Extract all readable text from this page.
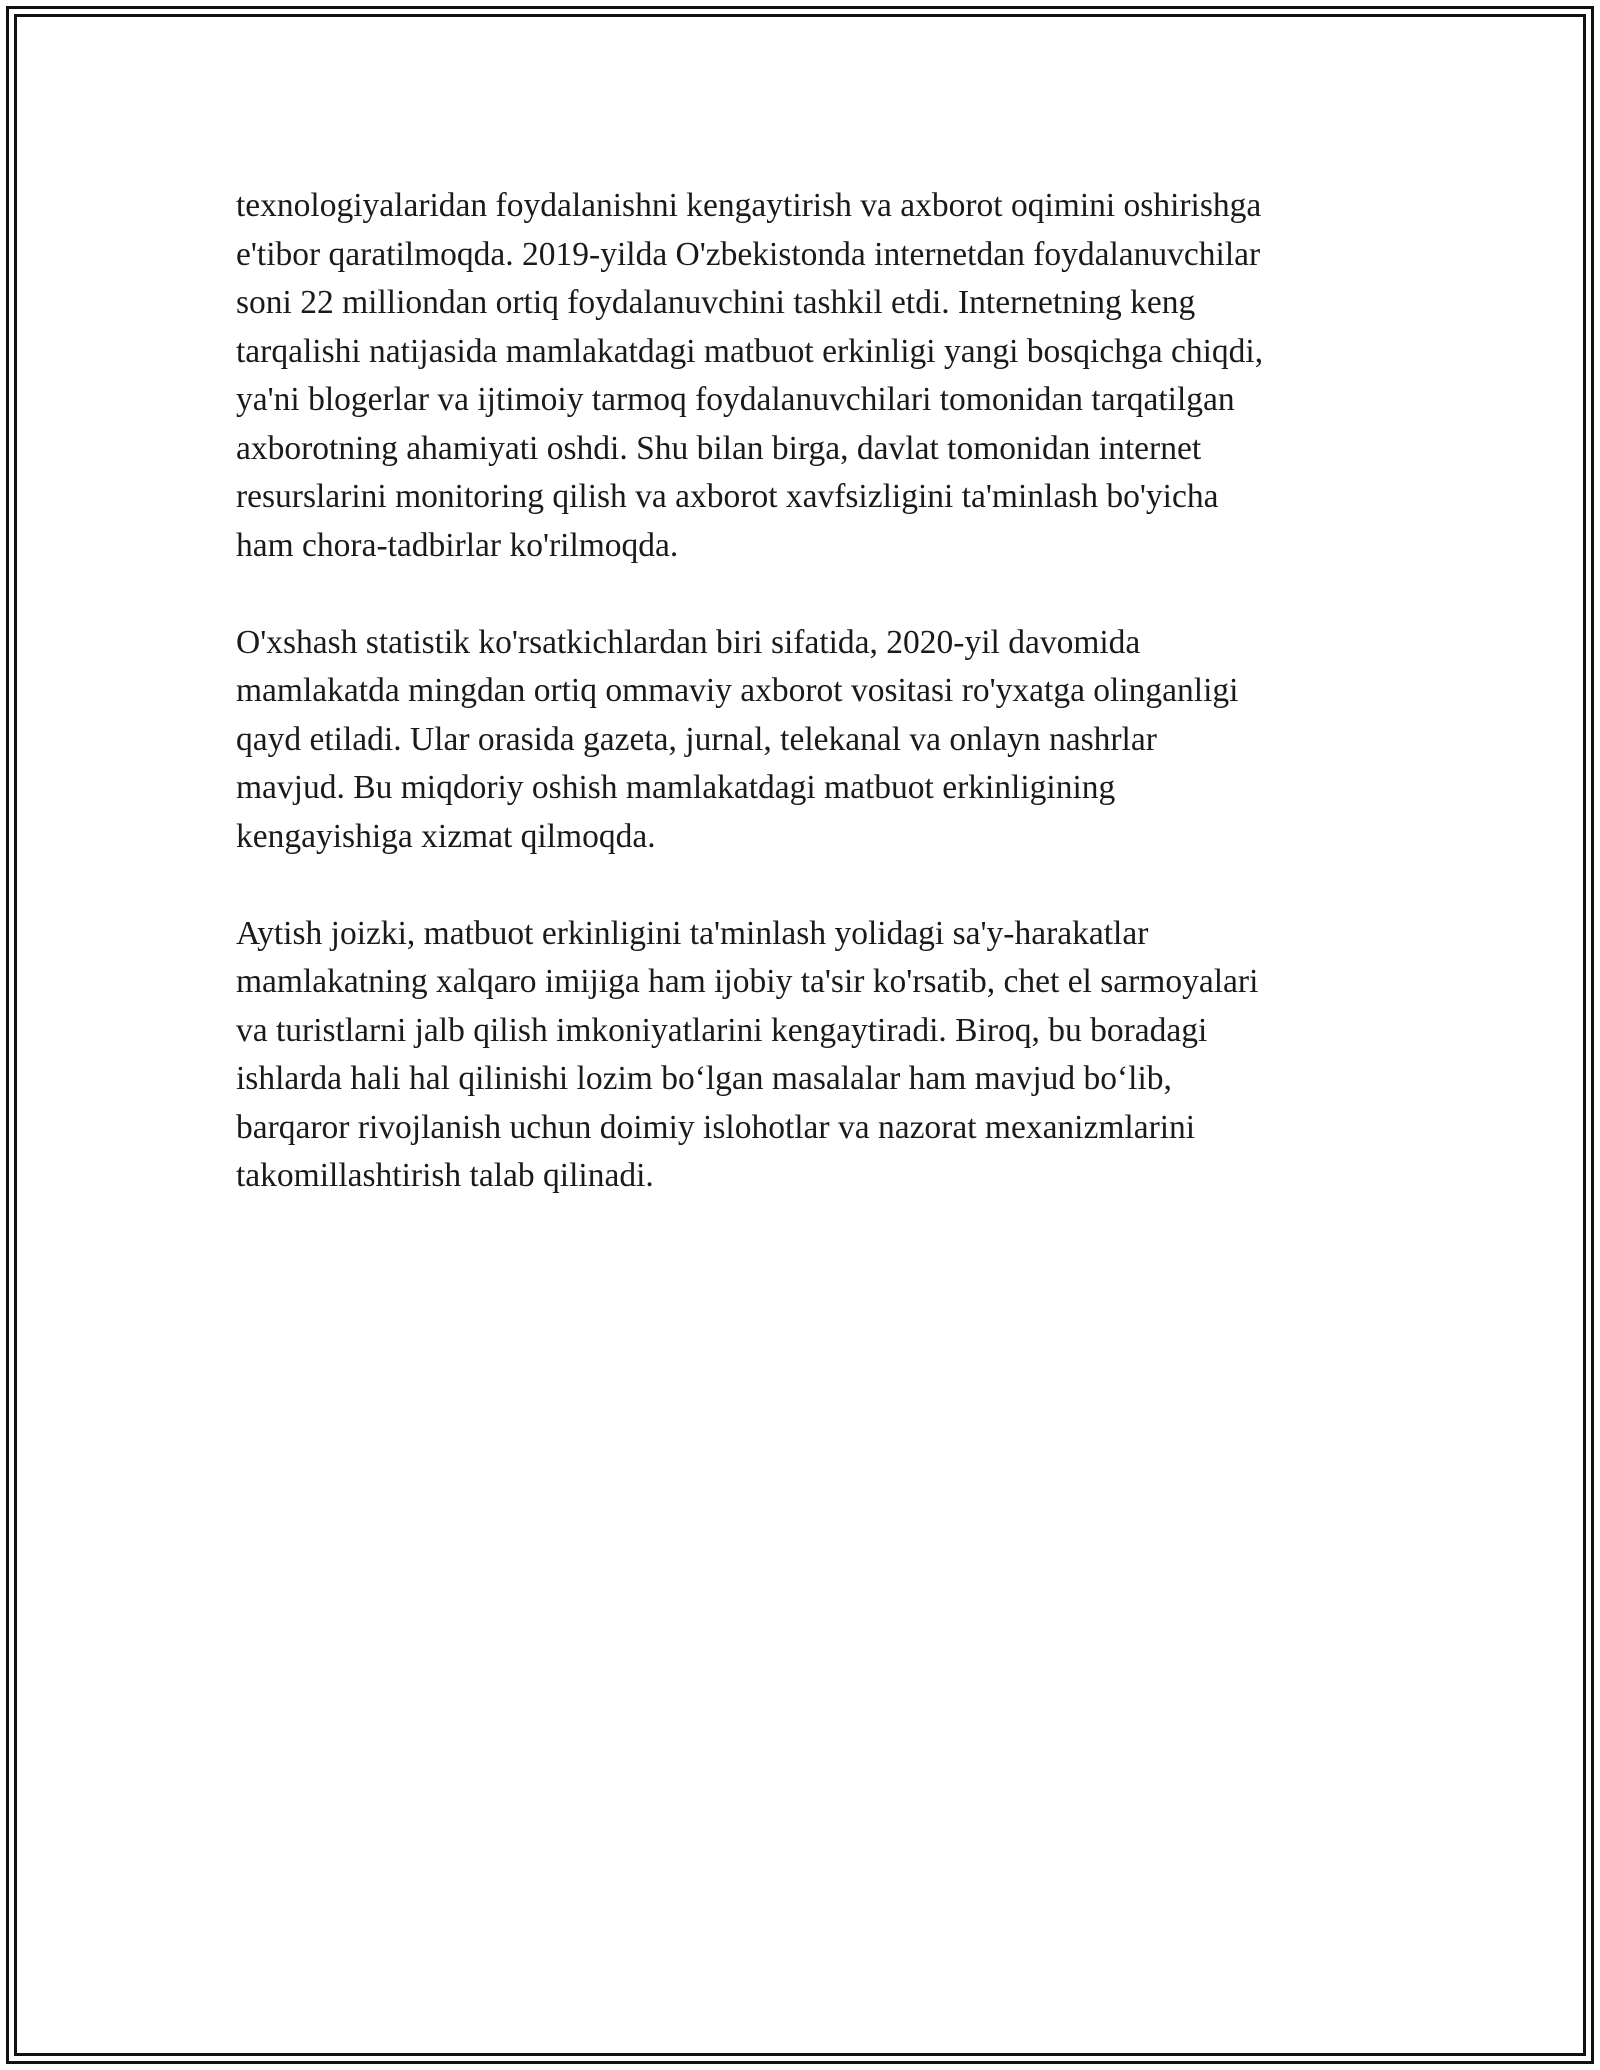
texnologiyalaridan foydalanishni kengaytirish va axborot oqimini oshirishga
e'tibor qaratilmoqda. 2019-yilda O'zbekistonda internetdan foydalanuvchilar
soni 22 milliondan ortiq foydalanuvchini tashkil etdi. Internetning keng
tarqalishi natijasida mamlakatdagi matbuot erkinligi yangi bosqichga chiqdi,
ya'ni blogerlar va ijtimoiy tarmoq foydalanuvchilari tomonidan tarqatilgan
axborotning ahamiyati oshdi. Shu bilan birga, davlat tomonidan internet
resurslarini monitoring qilish va axborot xavfsizligini ta'minlash bo'yicha
ham chora-tadbirlar ko'rilmoqda.

O'xshash statistik ko'rsatkichlardan biri sifatida, 2020-yil davomida
mamlakatda mingdan ortiq ommaviy axborot vositasi ro'yxatga olinganligi
qayd etiladi. Ular orasida gazeta, jurnal, telekanal va onlayn nashrlar
mavjud. Bu miqdoriy oshish mamlakatdagi matbuot erkinligining
kengayishiga xizmat qilmoqda.

Aytish joizki, matbuot erkinligini ta'minlash yolidagi sa'y-harakatlar
mamlakatning xalqaro imijiga ham ijobiy ta'sir ko'rsatib, chet el sarmoyalari
va turistlarni jalb qilish imkoniyatlarini kengaytiradi. Biroq, bu boradagi
ishlarda hali hal qilinishi lozim bo‘lgan masalalar ham mavjud bo‘lib,
barqaror rivojlanish uchun doimiy islohotlar va nazorat mexanizmlarini
takomillashtirish talab qilinadi.
